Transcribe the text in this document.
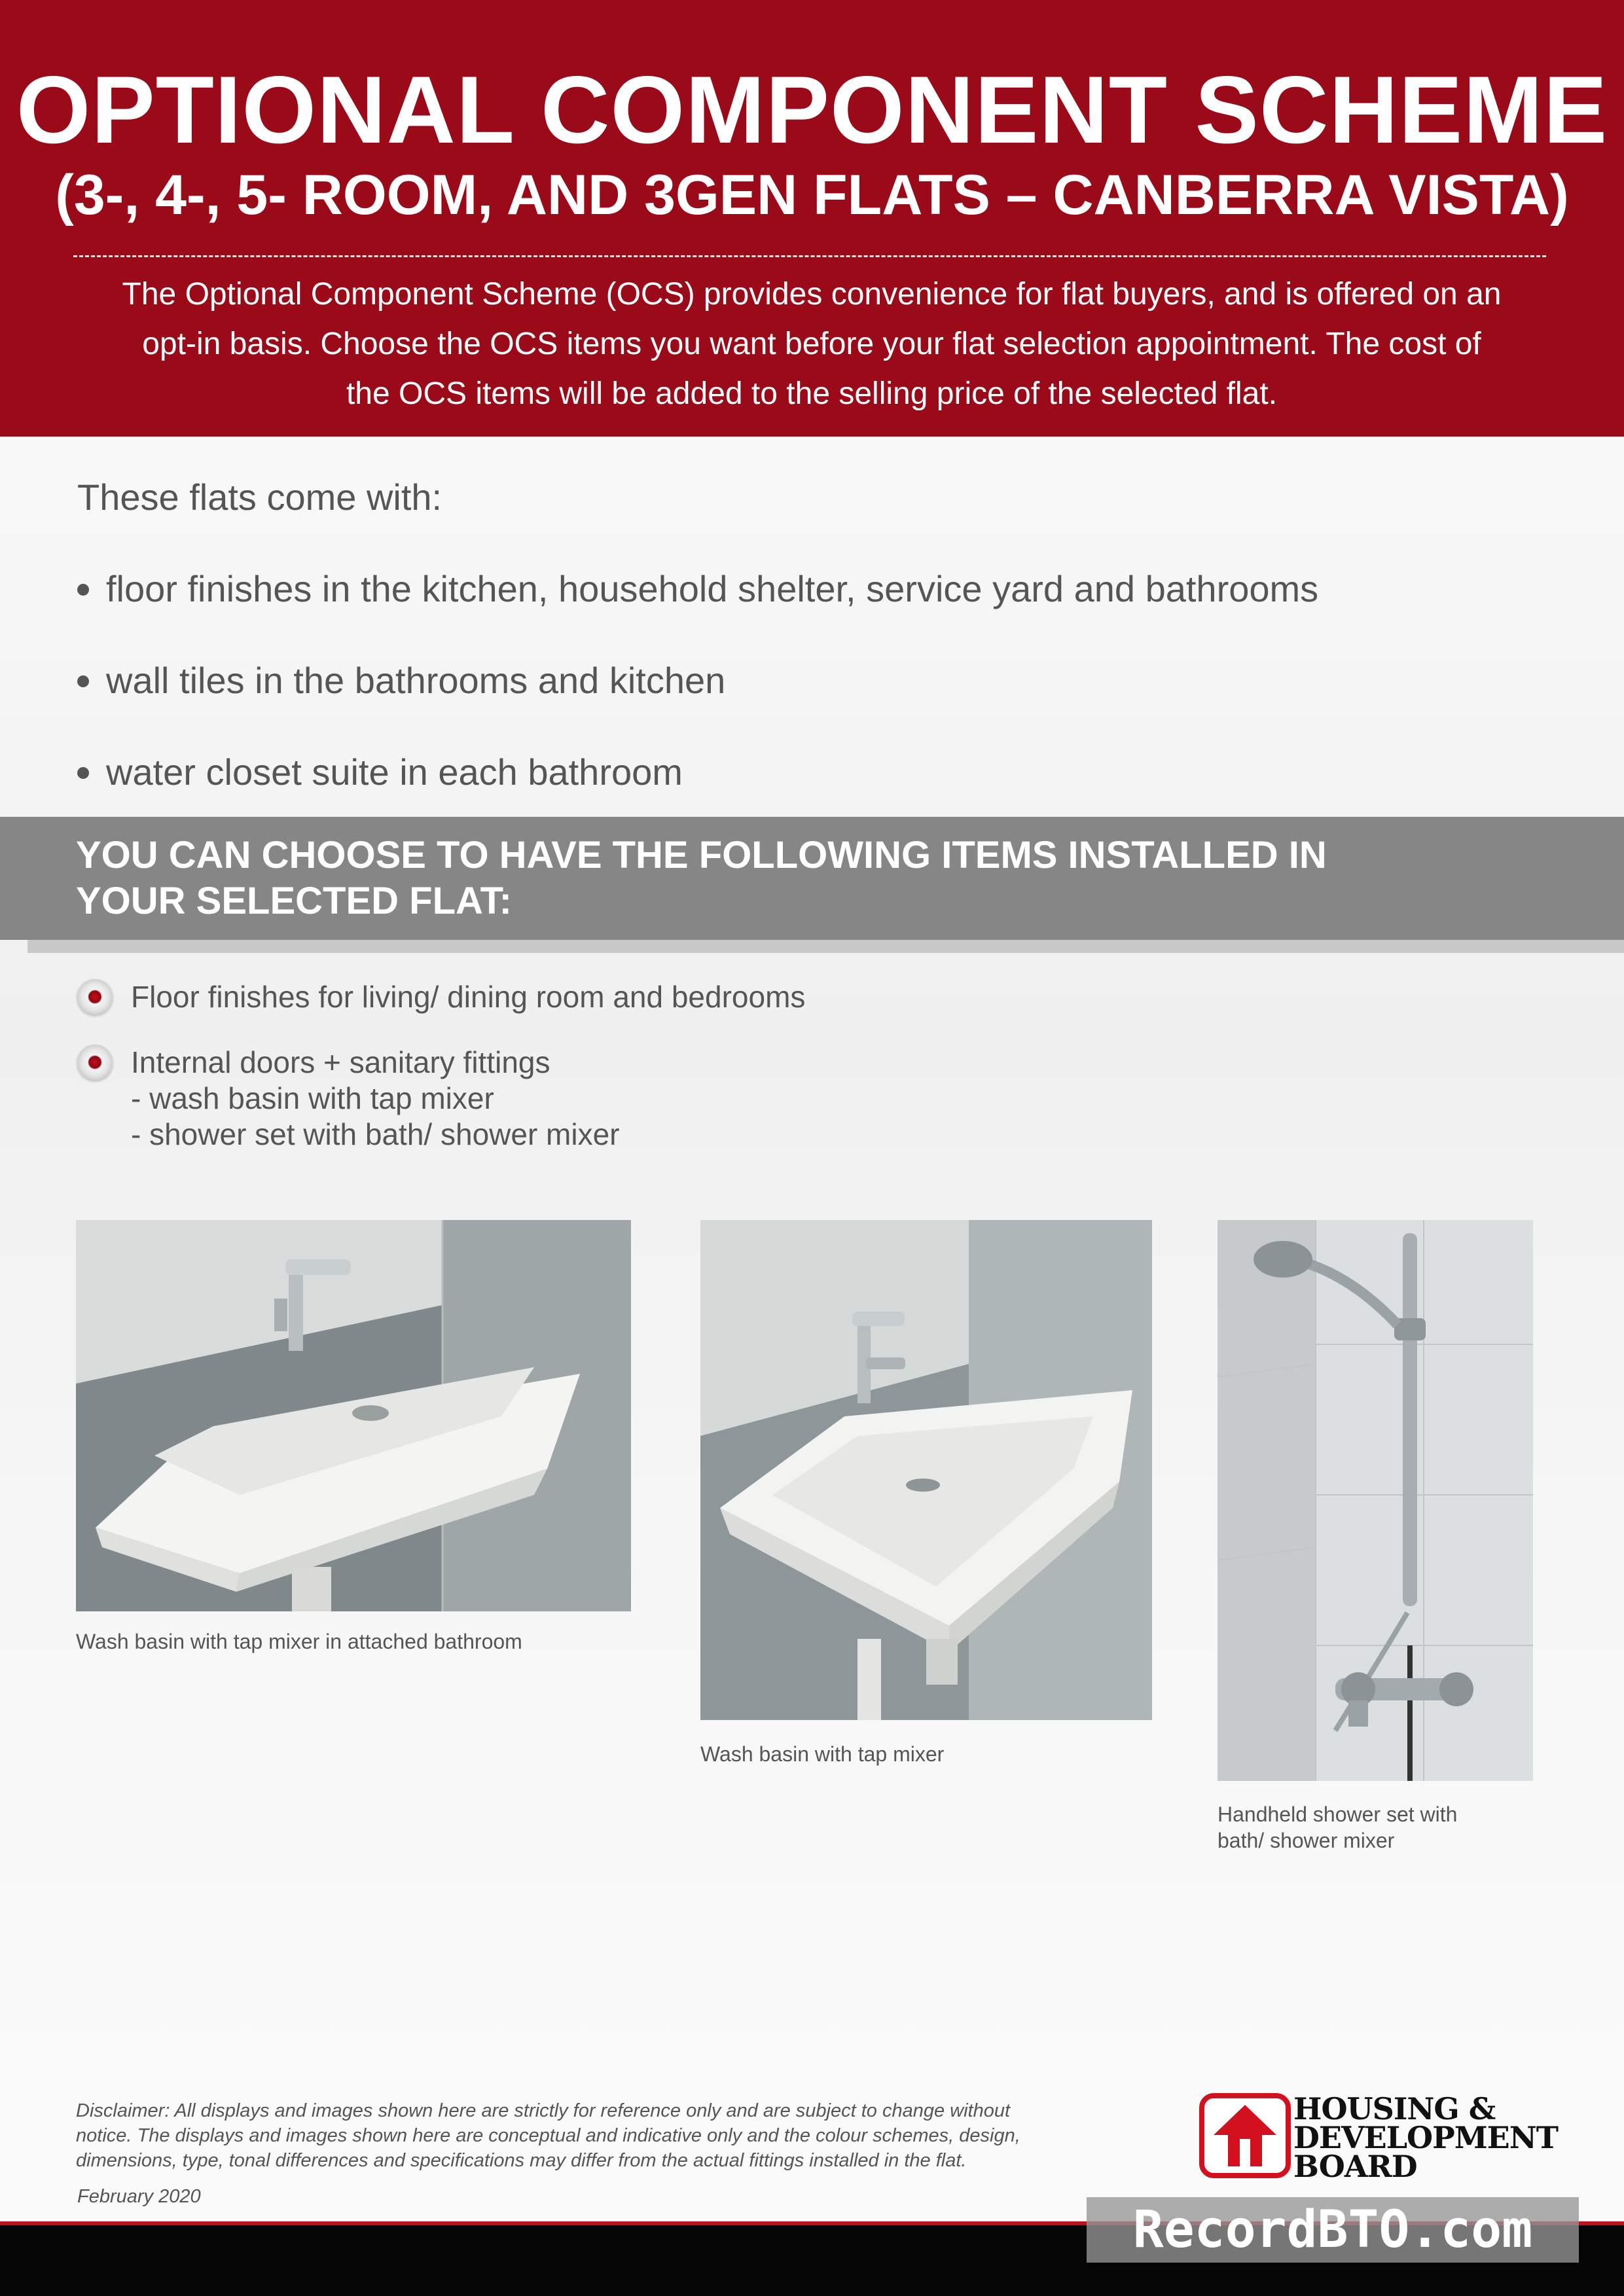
OPTIONAL COMPONENT SCHEME
(3-, 4-, 5- ROOM, AND 3GEN FLATS – CANBERRA VISTA)
The Optional Component Scheme (OCS) provides convenience for flat buyers, and is offered on an
opt-in basis. Choose the OCS items you want before your flat selection appointment. The cost of
the OCS items will be added to the selling price of the selected flat.
These flats come with:
floor finishes in the kitchen, household shelter, service yard and bathrooms
wall tiles in the bathrooms and kitchen
water closet suite in each bathroom
YOU CAN CHOOSE TO HAVE THE FOLLOWING ITEMS INSTALLED IN
YOUR SELECTED FLAT:
Floor finishes for living/ dining room and bedrooms
Internal doors + sanitary fittings
- wash basin with tap mixer
- shower set with bath/ shower mixer
Wash basin with tap mixer in attached bathroom
Wash basin with tap mixer
Handheld shower set with
bath/ shower mixer
Disclaimer: All displays and images shown here are strictly for reference only and are subject to change without
notice. The displays and images shown here are conceptual and indicative only and the colour schemes, design,
dimensions, type, tonal differences and specifications may differ from the actual fittings installed in the flat.
February 2020
HOUSING &
DEVELOPMENT
BOARD
RecordBTO.com
